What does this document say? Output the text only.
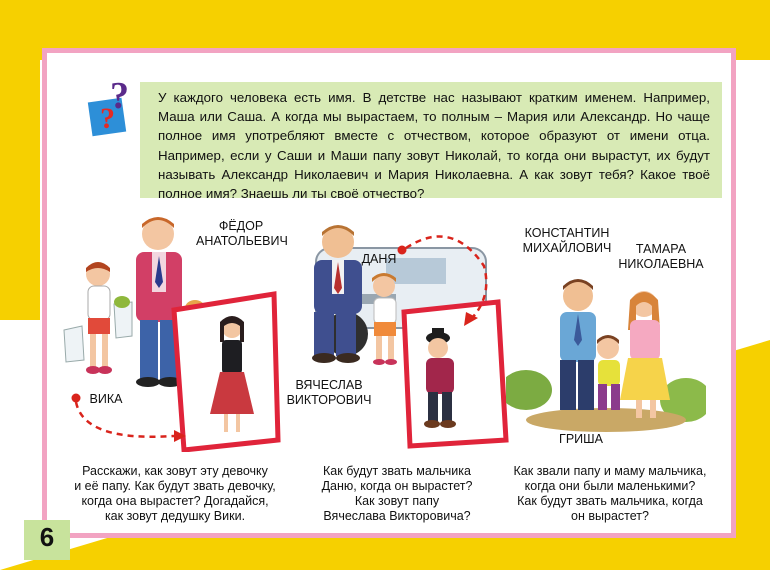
У каждого человека есть имя. В детстве нас называют кратким именем. Например, Маша или Саша. А когда мы вырастаем, то полным – Мария или Александр. Но чаще полное имя употребляют вместе с отчеством, которое образуют от имени отца. Например, если у Саши и Маши папу зовут Николай, то когда они вырастут, их будут называть Александр Николаевич и Мария Николаевна. А как зовут тебя? Какое твоё полное имя? Знаешь ли ты своё отчество?

?
?
ФЁДОР
АНАТОЛЬЕВИЧ
ВИКА
ДАНЯ
ВЯЧЕСЛАВ
ВИКТОРОВИЧ
КОНСТАНТИН
МИХАЙЛОВИЧ	ТАМАРА
НИКОЛАЕВНА
ГРИША
Расскажи, как зовут эту девочку
и её папу. Как будут звать девочку,
когда она вырастет? Догадайся,
как зовут дедушку Вики.
Как будут звать мальчика
Даню, когда он вырастет?
Как зовут папу
Вячеслава Викторовича?
Как звали папу и маму мальчика,
когда они были маленькими?
Как будут звать мальчика, когда
он вырастет?
6
